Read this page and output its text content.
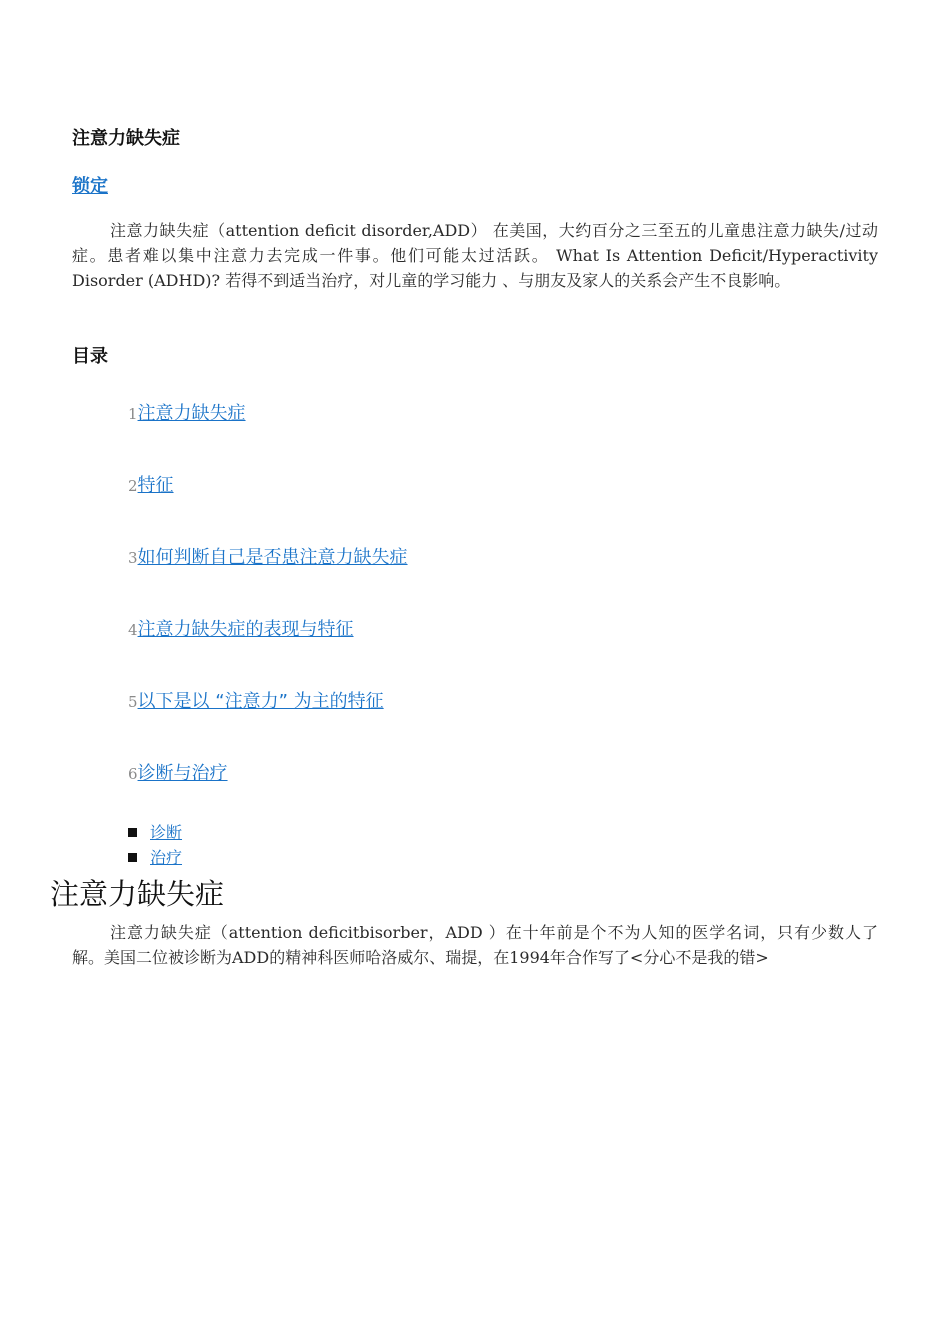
注意力缺失症
锁定

注意力缺失症（attention deficit disorder,ADD） 在美国，大约百分之三至五的儿童患注意力缺失/过动症。患者难以集中注意力去完成一件事。他们可能太过活跃。 What Is Attention Deficit/Hyperactivity Disorder (ADHD)? 若得不到适当治疗，对儿童的学习能力 、与朋友及家人的关系会产生不良影响。

目录
1注意力缺失症
2特征
3如何判断自己是否患注意力缺失症
4注意力缺失症的表现与特征
5以下是以 “注意力” 为主的特征
6诊断与治疗
诊断
治疗
注意力缺失症

注意力缺失症（attention deficitbisorber，ADD ）在十年前是个不为人知的医学名词，只有少数人了解。美国二位被诊断为ADD的精神科医师哈洛威尔、瑞提，在1994年合作写了<分心不是我的错>
